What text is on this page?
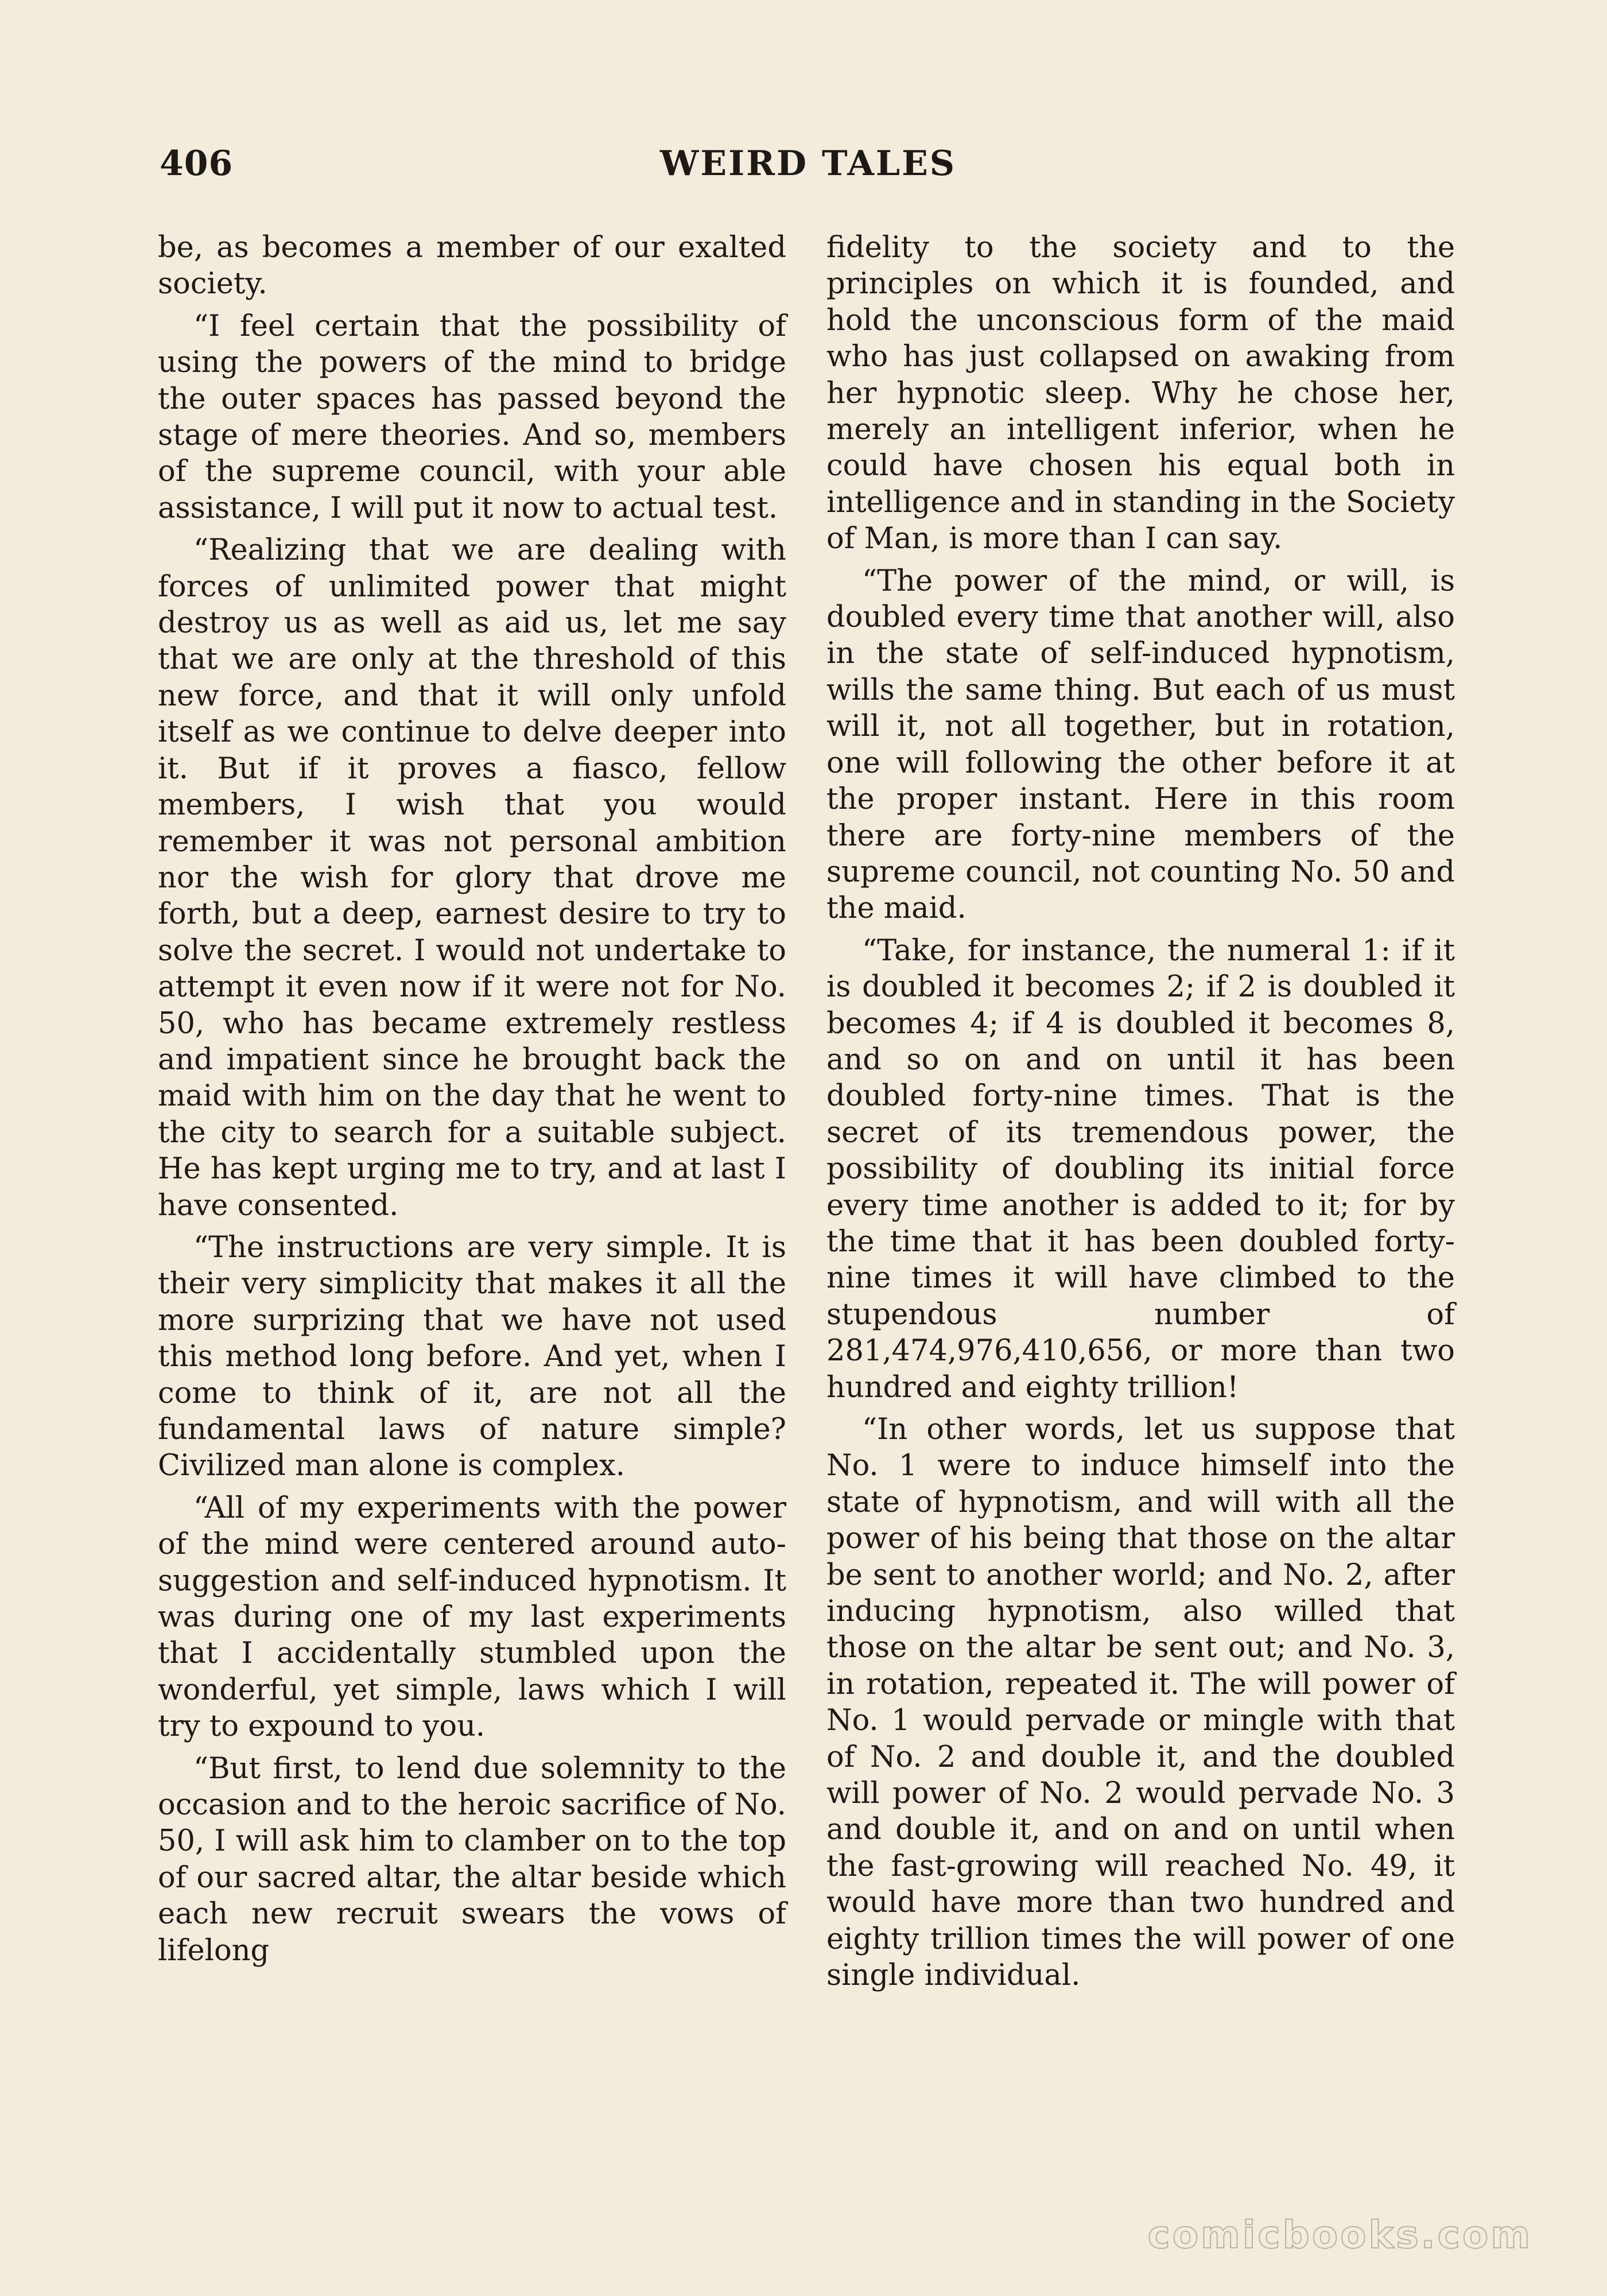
406	WEIRD TALES

be, as becomes a member of our exalted society.

“I feel certain that the possibility of using the powers of the mind to bridge the outer spaces has passed beyond the stage of mere theories. And so, members of the supreme council, with your able assistance, I will put it now to actual test.

“Realizing that we are dealing with forces of unlimited power that might destroy us as well as aid us, let me say that we are only at the threshold of this new force, and that it will only unfold itself as we continue to delve deeper into it. But if it proves a fiasco, fellow members, I wish that you would remember it was not personal ambition nor the wish for glory that drove me forth, but a deep, earnest desire to try to solve the secret. I would not undertake to attempt it even now if it were not for No. 50, who has became extremely restless and impatient since he brought back the maid with him on the day that he went to the city to search for a suitable subject. He has kept urging me to try, and at last I have consented.

“The instructions are very simple. It is their very simplicity that makes it all the more surprizing that we have not used this method long before. And yet, when I come to think of it, are not all the fundamental laws of nature simple? Civilized man alone is complex.

“All of my experiments with the power of the mind were centered around auto-suggestion and self-induced hypnotism. It was during one of my last experiments that I accidentally stumbled upon the wonderful, yet simple, laws which I will try to expound to you.

“But first, to lend due solemnity to the occasion and to the heroic sacrifice of No. 50, I will ask him to clamber on to the top of our sacred altar, the altar beside which each new recruit swears the vows of lifelong

fidelity to the society and to the principles on which it is founded, and hold the unconscious form of the maid who has just collapsed on awaking from her hypnotic sleep. Why he chose her, merely an intelligent inferior, when he could have chosen his equal both in intelligence and in standing in the Society of Man, is more than I can say.

“The power of the mind, or will, is doubled every time that another will, also in the state of self-induced hypnotism, wills the same thing. But each of us must will it, not all together, but in rotation, one will following the other before it at the proper instant. Here in this room there are forty-nine members of the supreme council, not counting No. 50 and the maid.

“Take, for instance, the numeral 1: if it is doubled it becomes 2; if 2 is doubled it becomes 4; if 4 is doubled it becomes 8, and so on and on until it has been doubled forty-nine times. That is the secret of its tremendous power, the possibility of doubling its initial force every time another is added to it; for by the time that it has been doubled forty-nine times it will have climbed to the stupendous number of 281,474,976,410,656, or more than two hundred and eighty trillion!

“In other words, let us suppose that No. 1 were to induce himself into the state of hypnotism, and will with all the power of his being that those on the altar be sent to another world; and No. 2, after inducing hypnotism, also willed that those on the altar be sent out; and No. 3, in rotation, repeated it. The will power of No. 1 would pervade or mingle with that of No. 2 and double it, and the doubled will power of No. 2 would pervade No. 3 and double it, and on and on until when the fast-growing will reached No. 49, it would have more than two hundred and eighty trillion times the will power of one single individual.

comicbooks.com
